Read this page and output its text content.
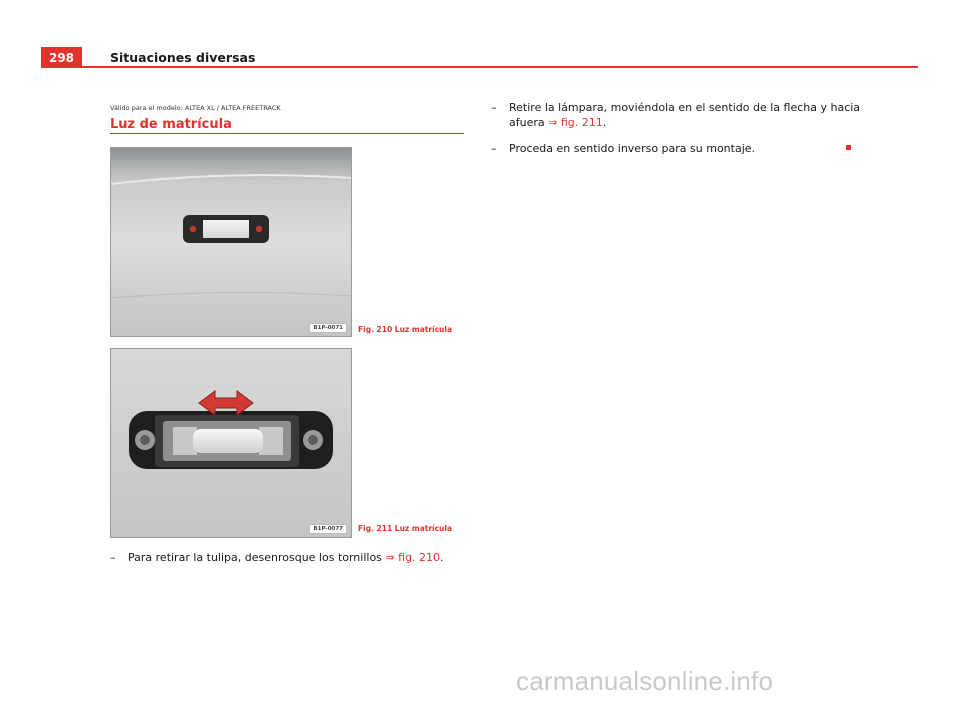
298	Situaciones diversas
Válido para el modelo: ALTEA XL / ALTEA FREETRACK
Luz de matrícula
B1P-0071	Fig. 210 Luz matrícula
B1P-0077	Fig. 211 Luz matrícula
–	Para retirar la tulipa, desenrosque los tornillos ⇒ fig. 210.
–	Retire la lámpara, moviéndola en el sentido de la flecha y hacia
afuera ⇒ fig. 211.
–	Proceda en sentido inverso para su montaje.
carmanualsonline.info
